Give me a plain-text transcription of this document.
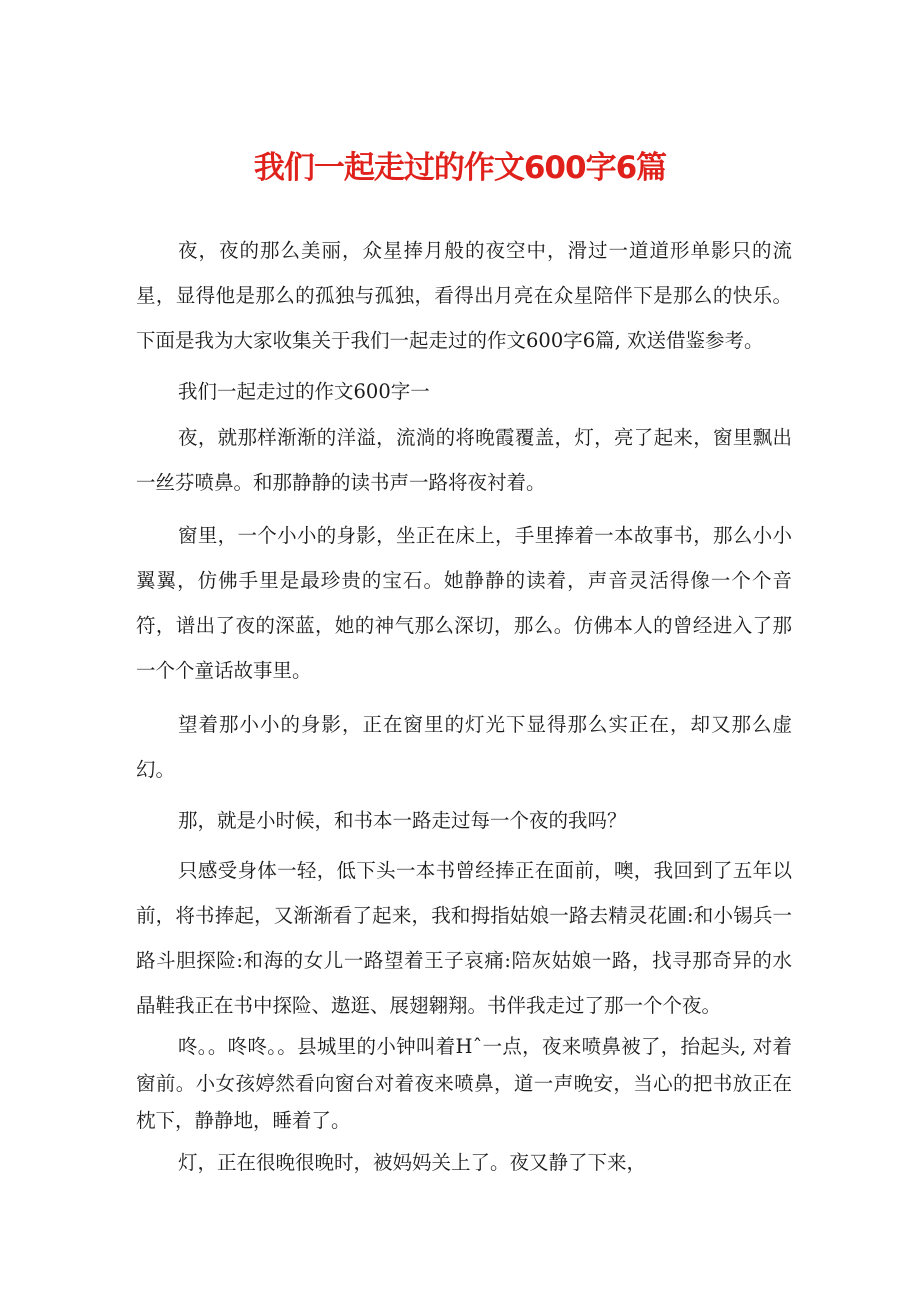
我们一起走过的作文600字6篇

夜，夜的那么美丽，众星捧月般的夜空中，滑过一道道形单影只的流星，显得他是那么的孤独与孤独，看得出月亮在众星陪伴下是那么的快乐。下面是我为大家收集关于我们一起走过的作文600字6篇, 欢送借鉴参考。

我们一起走过的作文600字一

夜，就那样渐渐的洋溢，流淌的将晚霞覆盖，灯，亮了起来，窗里飘出一丝芬喷鼻。和那静静的读书声一路将夜衬着。

窗里，一个小小的身影，坐正在床上，手里捧着一本故事书，那么小小翼翼，仿佛手里是最珍贵的宝石。她静静的读着，声音灵活得像一个个音符，谱出了夜的深蓝，她的神气那么深切，那么。仿佛本人的曾经进入了那一个个童话故事里。

望着那小小的身影，正在窗里的灯光下显得那么实正在，却又那么虚幻。

那，就是小时候，和书本一路走过每一个夜的我吗？

只感受身体一轻，低下头一本书曾经捧正在面前，噢，我回到了五年以前，将书捧起，又渐渐看了起来，我和拇指姑娘一路去精灵花圃:和小锡兵一路斗胆探险:和海的女儿一路望着王子哀痛:陪灰姑娘一路，找寻那奇异的水晶鞋我正在书中探险、遨逛、展翅翱翔。书伴我走过了那一个个夜。

咚。。咚咚。。县城里的小钟叫着Hˆ一点，夜来喷鼻被了，抬起头, 对着窗前。小女孩婷然看向窗台对着夜来喷鼻，道一声晚安，当心的把书放正在枕下，静静地，睡着了。

灯，正在很晚很晚时，被妈妈关上了。夜又静了下来，
